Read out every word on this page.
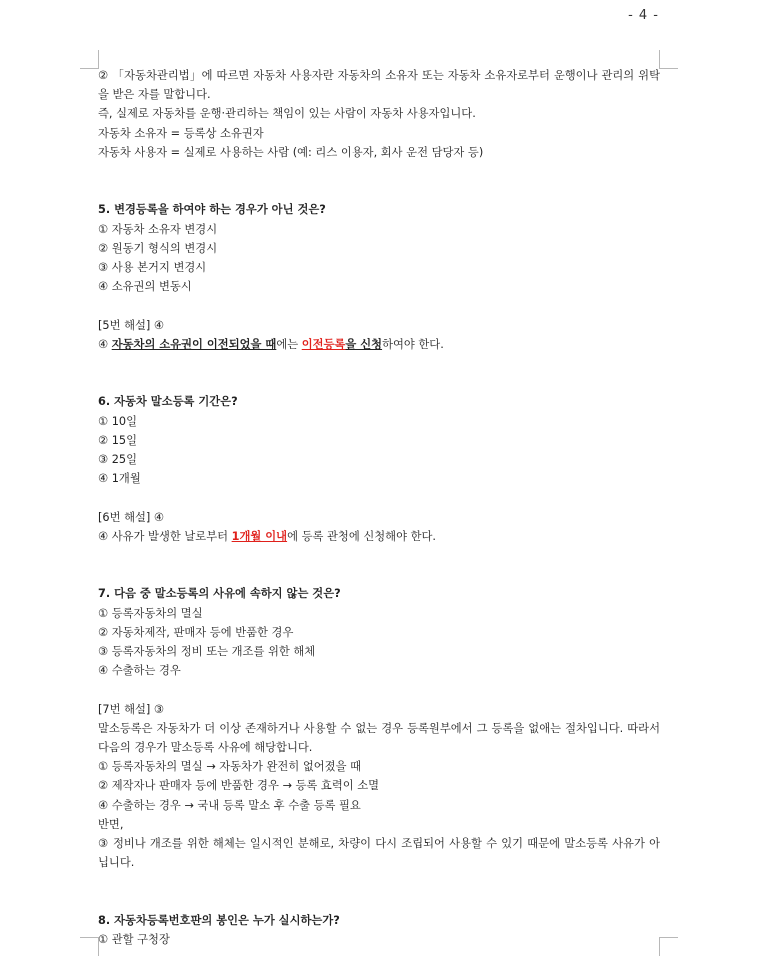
- 4 -

② 「자동차관리법」에 따르면 자동차 사용자란 자동차의 소유자 또는 자동차 소유자로부터 운행이나 관리의 위탁을 받은 자를 말합니다.

즉, 실제로 자동차를 운행·관리하는 책임이 있는 사람이 자동차 사용자입니다.

자동차 소유자 = 등록상 소유권자

자동차 사용자 = 실제로 사용하는 사람 (예: 리스 이용자, 회사 운전 담당자 등)

5. 변경등록을 하여야 하는 경우가 아닌 것은?

① 자동차 소유자 변경시

② 원동기 형식의 변경시

③ 사용 본거지 변경시

④ 소유권의 변동시

[5번 해설] ④

④ 자동차의 소유권이 이전되었을 때에는 이전등록을 신청하여야 한다.

6. 자동차 말소등록 기간은?

① 10일

② 15일

③ 25일

④ 1개월

[6번 해설] ④

④ 사유가 발생한 날로부터 1개월 이내에 등록 관청에 신청해야 한다.

7. 다음 중 말소등록의 사유에 속하지 않는 것은?

① 등록자동차의 멸실

② 자동차제작, 판매자 등에 반품한 경우

③ 등록자동차의 정비 또는 개조를 위한 해체

④ 수출하는 경우

[7번 해설] ③

말소등록은 자동차가 더 이상 존재하거나 사용할 수 없는 경우 등록원부에서 그 등록을 없애는 절차입니다. 따라서 다음의 경우가 말소등록 사유에 해당합니다.

① 등록자동차의 멸실 → 자동차가 완전히 없어졌을 때

② 제작자나 판매자 등에 반품한 경우 → 등록 효력이 소멸

④ 수출하는 경우 → 국내 등록 말소 후 수출 등록 필요

반면,

③ 정비나 개조를 위한 해체는 일시적인 분해로, 차량이 다시 조립되어 사용할 수 있기 때문에 말소등록 사유가 아닙니다.

8. 자동차등록번호판의 봉인은 누가 실시하는가?

① 관할 구청장
